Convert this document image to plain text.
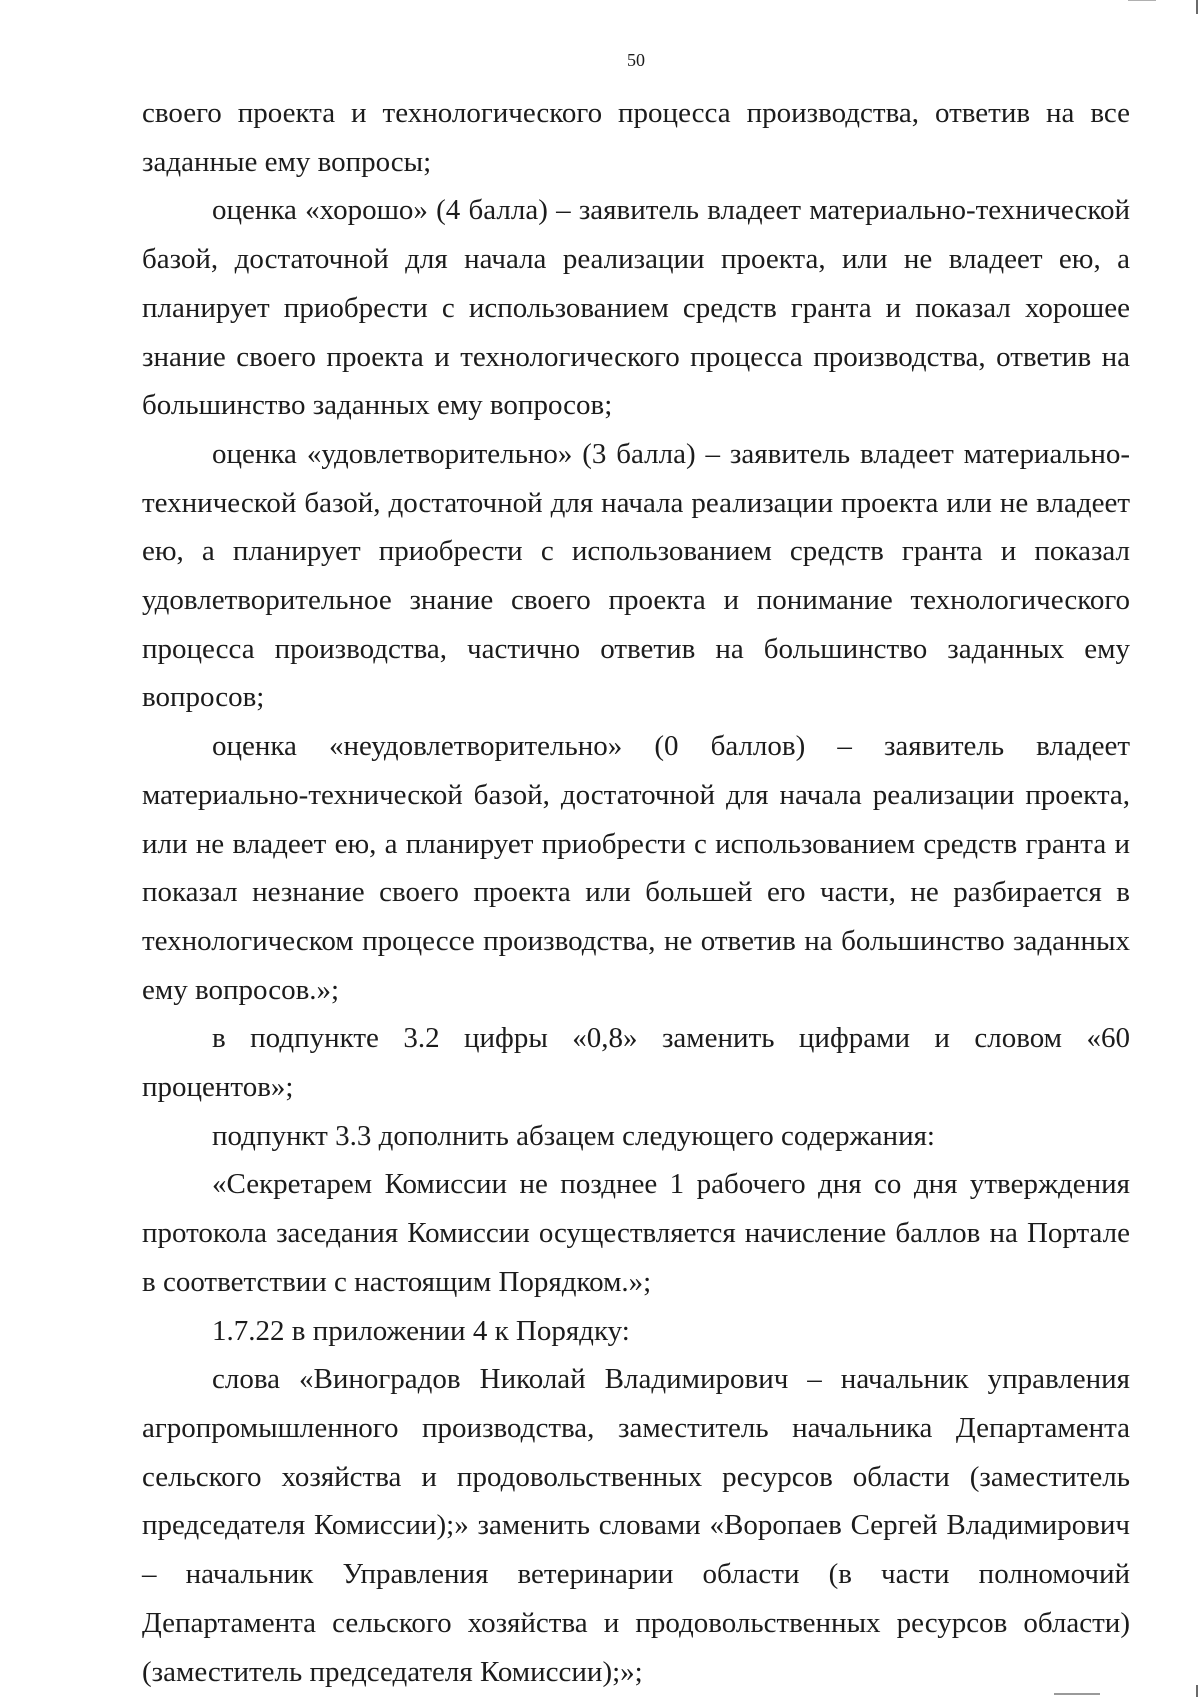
50

своего проекта и технологического процесса производства, ответив на все заданные ему вопросы;

оценка «хорошо» (4 балла) – заявитель владеет материально-технической базой, достаточной для начала реализации проекта, или не владеет ею, а планирует приобрести с использованием средств гранта и показал хорошее знание своего проекта и технологического процесса производства, ответив на большинство заданных ему вопросов;

оценка «удовлетворительно» (3 балла) – заявитель владеет материально-технической базой, достаточной для начала реализации проекта или не владеет ею, а планирует приобрести с использованием средств гранта и показал удовлетворительное знание своего проекта и понимание технологического процесса производства, частично ответив на большинство заданных ему вопросов;

оценка «неудовлетворительно» (0 баллов) – заявитель владеет материально-технической базой, достаточной для начала реализации проекта, или не владеет ею, а планирует приобрести с использованием средств гранта и показал незнание своего проекта или большей его части, не разбирается в технологическом процессе производства, не ответив на большинство заданных ему вопросов.»;

в подпункте 3.2 цифры «0,8» заменить цифрами и словом «60 процентов»;

подпункт 3.3 дополнить абзацем следующего содержания:

«Секретарем Комиссии не позднее 1 рабочего дня со дня утверждения протокола заседания Комиссии осуществляется начисление баллов на Портале в соответствии с настоящим Порядком.»;

1.7.22 в приложении 4 к Порядку:

слова «Виноградов Николай Владимирович – начальник управления агропромышленного производства, заместитель начальника Департамента сельского хозяйства и продовольственных ресурсов области (заместитель председателя Комиссии);» заменить словами «Воропаев Сергей Владимирович – начальник Управления ветеринарии области (в части полномочий Департамента сельского хозяйства и продовольственных ресурсов области) (заместитель председателя Комиссии);»;
